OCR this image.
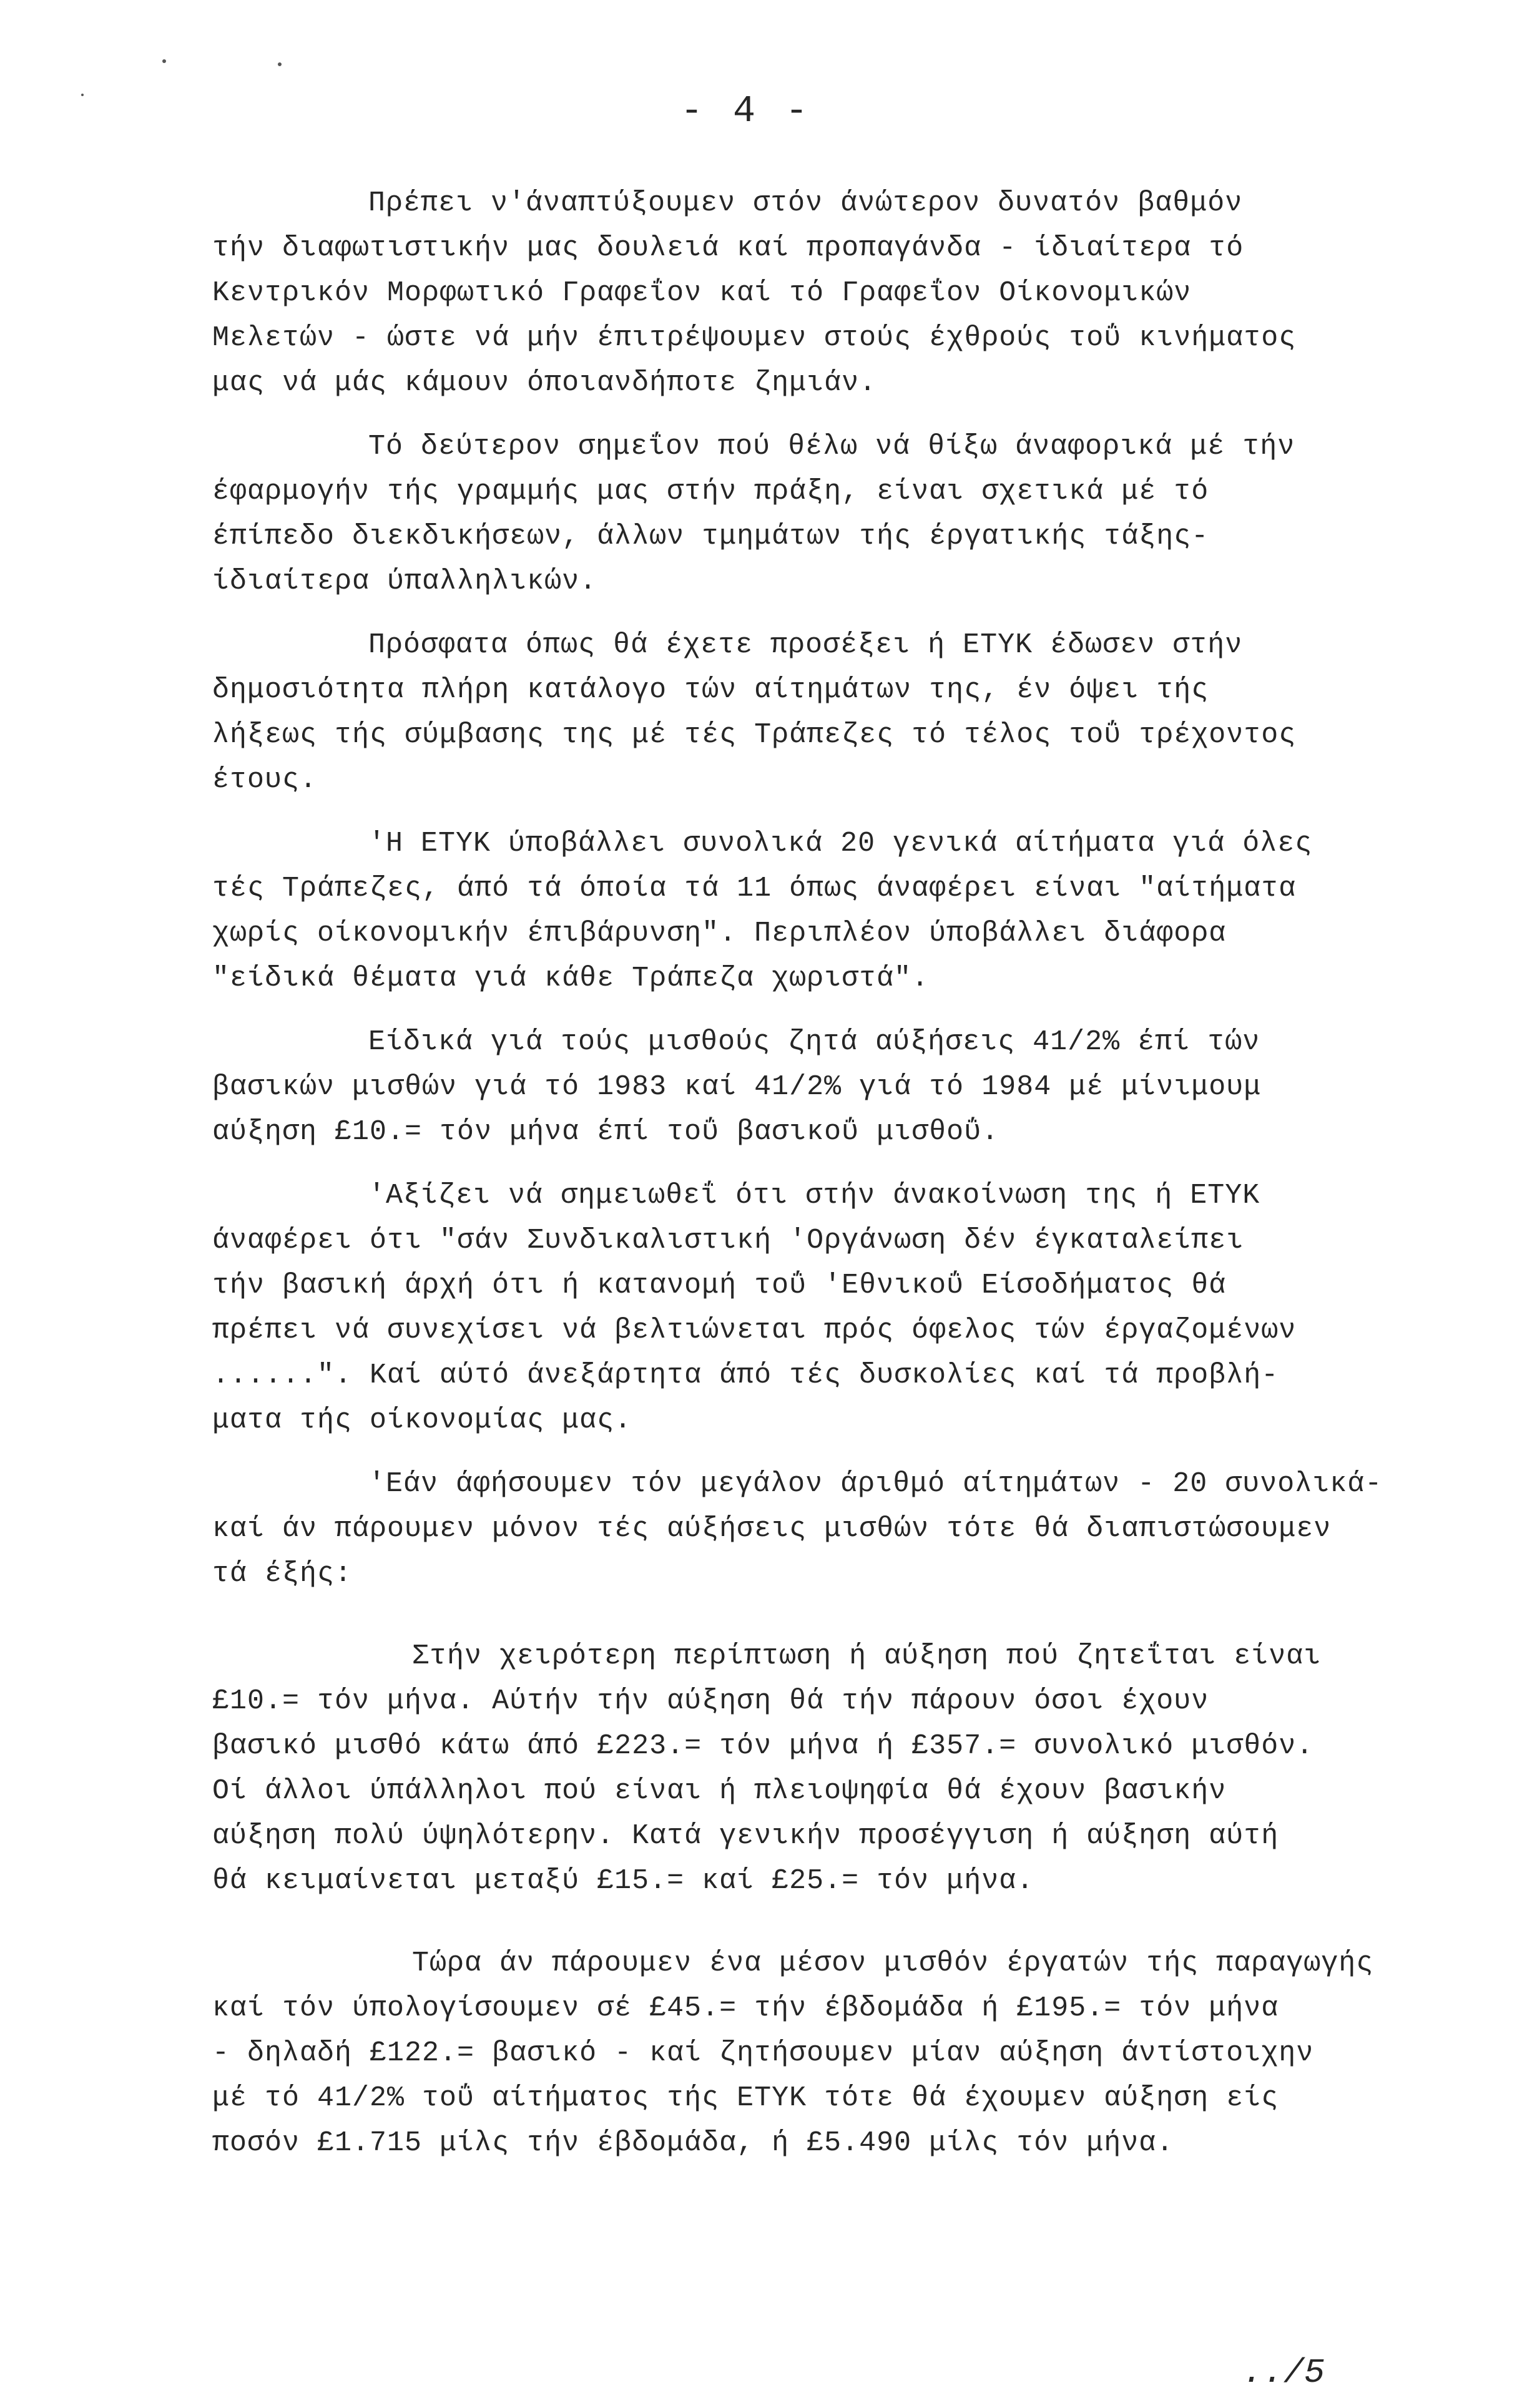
- 4 -
Πρέπει ν'άναπτύξουμεν στόν άνώτερον δυνατόν βαθμόν
τήν διαφωτιστικήν μας δουλειά καί προπαγάνδα - ίδιαίτερα τό
Κεντρικόν Μορφωτικό Γραφεΐον καί τό Γραφεΐον Οίκονομικών
Μελετών - ώστε νά μήν έπιτρέψουμεν στούς έχθρούς τοΰ κινήματος
μας νά μάς κάμουν όποιανδήποτε ζημιάν.
Τό δεύτερον σημεΐον πού θέλω νά θίξω άναφορικά μέ τήν
έφαρμογήν τής γραμμής μας στήν πράξη, είναι σχετικά μέ τό
έπίπεδο διεκδικήσεων, άλλων τμημάτων τής έργατικής τάξης-
ίδιαίτερα ύπαλληλικών.
Πρόσφατα όπως θά έχετε προσέξει ή ΕΤΥΚ έδωσεν στήν
δημοσιότητα πλήρη κατάλογο τών αίτημάτων της, έν όψει τής
λήξεως τής σύμβασης της μέ τές Τράπεζες τό τέλος τοΰ τρέχοντος
έτους.
'Η ΕΤΥΚ ύποβάλλει συνολικά 20 γενικά αίτήματα γιά όλες
τές Τράπεζες, άπό τά όποία τά 11 όπως άναφέρει είναι "αίτήματα
χωρίς οίκονομικήν έπιβάρυνση". Περιπλέον ύποβάλλει διάφορα
"είδικά θέματα γιά κάθε Τράπεζα χωριστά".
Είδικά γιά τούς μισθούς ζητά αύξήσεις 41/2% έπί τών
βασικών μισθών γιά τό 1983 καί 41/2% γιά τό 1984 μέ μίνιμουμ
αύξηση £10.= τόν μήνα έπί τοΰ βασικοΰ μισθοΰ.
'Αξίζει νά σημειωθεΐ ότι στήν άνακοίνωση της ή ΕΤΥΚ
άναφέρει ότι "σάν Συνδικαλιστική 'Οργάνωση δέν έγκαταλείπει
τήν βασική άρχή ότι ή κατανομή τοΰ 'Εθνικοΰ Είσοδήματος θά
πρέπει νά συνεχίσει νά βελτιώνεται πρός όφελος τών έργαζομένων
......". Καί αύτό άνεξάρτητα άπό τές δυσκολίες καί τά προβλή-
ματα τής οίκονομίας μας.
'Εάν άφήσουμεν τόν μεγάλον άριθμό αίτημάτων - 20 συνολικά-
καί άν πάρουμεν μόνον τές αύξήσεις μισθών τότε θά διαπιστώσουμεν
τά έξής:
Στήν χειρότερη περίπτωση ή αύξηση πού ζητεΐται είναι
£10.= τόν μήνα. Αύτήν τήν αύξηση θά τήν πάρουν όσοι έχουν
βασικό μισθό κάτω άπό £223.= τόν μήνα ή £357.= συνολικό μισθόν.
Οί άλλοι ύπάλληλοι πού είναι ή πλειοψηφία θά έχουν βασικήν
αύξηση πολύ ύψηλότερην. Κατά γενικήν προσέγγιση ή αύξηση αύτή
θά κειμαίνεται μεταξύ £15.= καί £25.= τόν μήνα.
Τώρα άν πάρουμεν ένα μέσον μισθόν έργατών τής παραγωγής
καί τόν ύπολογίσουμεν σέ £45.= τήν έβδομάδα ή £195.= τόν μήνα
- δηλαδή £122.= βασικό - καί ζητήσουμεν μίαν αύξηση άντίστοιχην
μέ τό 41/2% τοΰ αίτήματος τής ΕΤΥΚ τότε θά έχουμεν αύξηση είς
ποσόν £1.715 μίλς τήν έβδομάδα, ή £5.490 μίλς τόν μήνα.
../5
